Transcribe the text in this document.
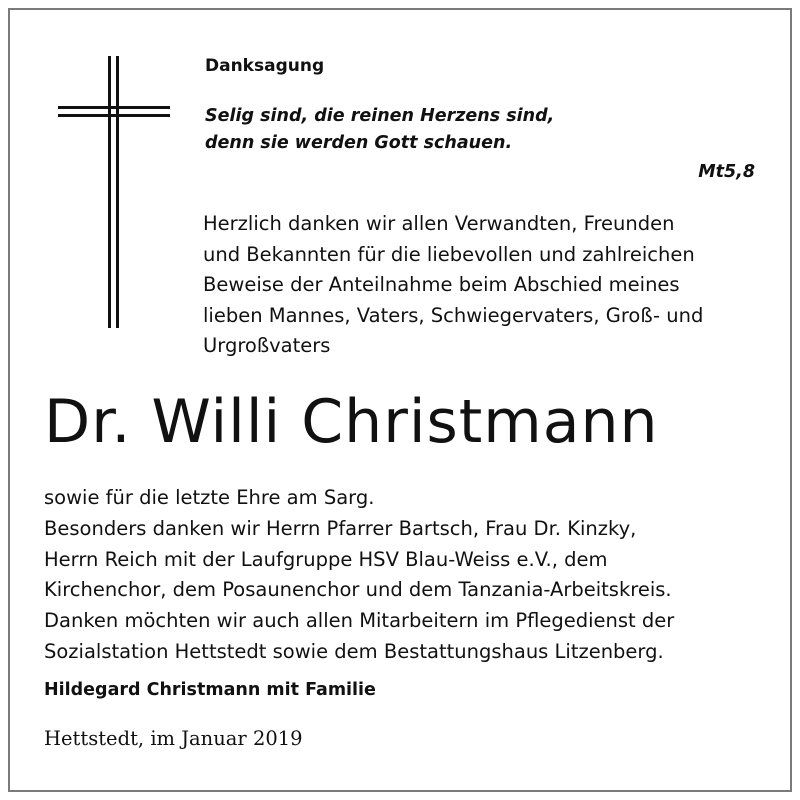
Danksagung

Selig sind, die reinen Herzens sind,
denn sie werden Gott schauen.

Mt5,8

Herzlich danken wir allen Verwandten, Freunden
und Bekannten für die liebevollen und zahlreichen
Beweise der Anteilnahme beim Abschied meines
lieben Mannes, Vaters, Schwiegervaters, Groß- und
Urgroßvaters
Dr. Willi Christmann
sowie für die letzte Ehre am Sarg.
Besonders danken wir Herrn Pfarrer Bartsch, Frau Dr. Kinzky,
Herrn Reich mit der Laufgruppe HSV Blau-Weiss e.V., dem
Kirchenchor, dem Posaunenchor und dem Tanzania-Arbeitskreis.
Danken möchten wir auch allen Mitarbeitern im Pflegedienst der
Sozialstation Hettstedt sowie dem Bestattungshaus Litzenberg.

Hildegard Christmann mit Familie

Hettstedt, im Januar 2019
